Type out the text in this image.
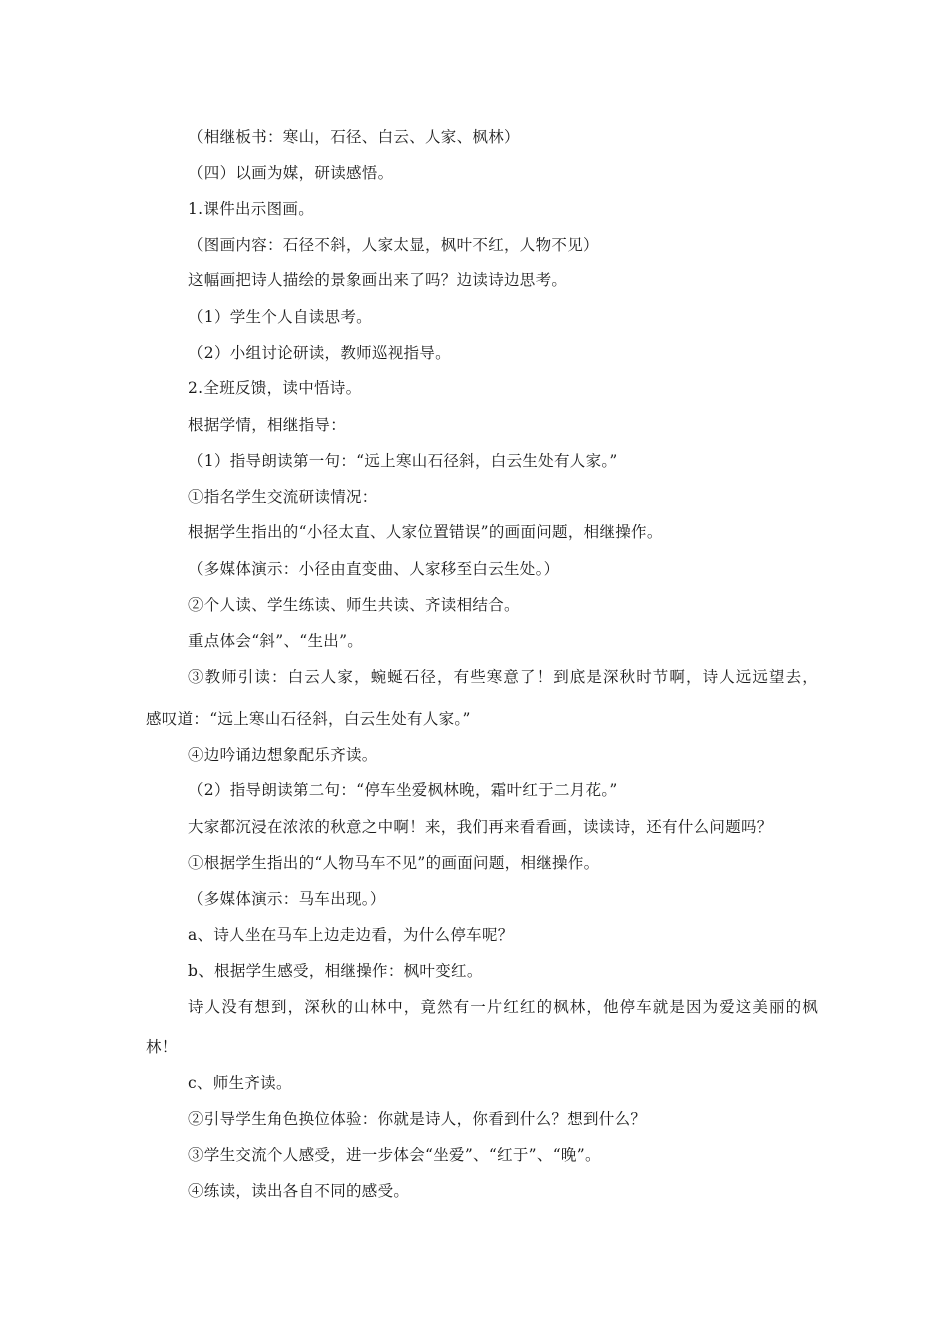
（相继板书：寒山，石径、白云、人家、枫林）
（四）以画为媒，研读感悟。
1.课件出示图画。
（图画内容：石径不斜，人家太显，枫叶不红，人物不见）
这幅画把诗人描绘的景象画出来了吗？边读诗边思考。
（1）学生个人自读思考。
（2）小组讨论研读，教师巡视指导。
2.全班反馈，读中悟诗。
根据学情，相继指导：
（1）指导朗读第一句：“远上寒山石径斜，白云生处有人家。”
①指名学生交流研读情况：
根据学生指出的“小径太直、人家位置错误”的画面问题，相继操作。
（多媒体演示：小径由直变曲、人家移至白云生处。）
②个人读、学生练读、师生共读、齐读相结合。
重点体会“斜”、“生出”。
③教师引读：白云人家，蜿蜒石径，有些寒意了！到底是深秋时节啊，诗人远远望去，
感叹道：“远上寒山石径斜，白云生处有人家。”
④边吟诵边想象配乐齐读。
（2）指导朗读第二句：“停车坐爱枫林晚，霜叶红于二月花。”
大家都沉浸在浓浓的秋意之中啊！来，我们再来看看画，读读诗，还有什么问题吗？
①根据学生指出的“人物马车不见”的画面问题，相继操作。
（多媒体演示：马车出现。）
a、诗人坐在马车上边走边看，为什么停车呢？
b、根据学生感受，相继操作：枫叶变红。
诗人没有想到，深秋的山林中，竟然有一片红红的枫林，他停车就是因为爱这美丽的枫
林！
c、师生齐读。
②引导学生角色换位体验：你就是诗人，你看到什么？想到什么？
③学生交流个人感受，进一步体会“坐爱”、“红于”、“晚”。
④练读，读出各自不同的感受。
